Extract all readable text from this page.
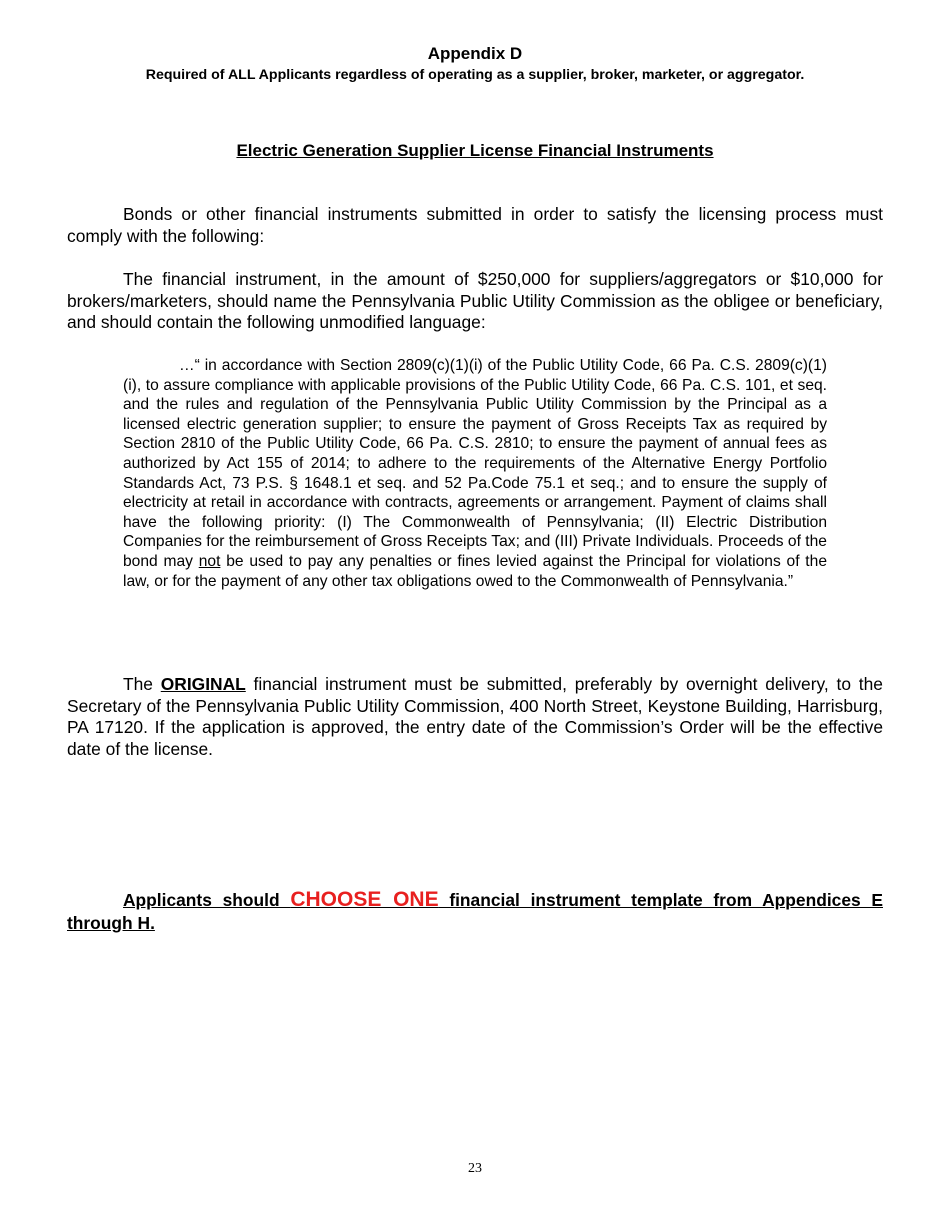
Appendix D
Required of ALL Applicants regardless of operating as a supplier, broker, marketer, or aggregator.
Electric Generation Supplier License Financial Instruments

Bonds or other financial instruments submitted in order to satisfy the licensing process must comply with the following:

The financial instrument, in the amount of $250,000 for suppliers/aggregators or $10,000 for brokers/marketers, should name the Pennsylvania Public Utility Commission as the obligee or beneficiary, and should contain the following unmodified language:

…“ in accordance with Section 2809(c)(1)(i) of the Public Utility Code, 66 Pa. C.S. 2809(c)(1)(i), to assure compliance with applicable provisions of the Public Utility Code, 66 Pa. C.S. 101, et seq. and the rules and regulation of the Pennsylvania Public Utility Commission by the Principal as a licensed electric generation supplier; to ensure the payment of Gross Receipts Tax as required by Section 2810 of the Public Utility Code, 66 Pa. C.S. 2810; to ensure the payment of annual fees as authorized by Act 155 of 2014; to adhere to the requirements of the Alternative Energy Portfolio Standards Act, 73 P.S. § 1648.1 et seq. and 52 Pa.Code 75.1 et seq.; and to ensure the supply of electricity at retail in accordance with contracts, agreements or arrangement. Payment of claims shall have the following priority: (I) The Commonwealth of Pennsylvania; (II) Electric Distribution Companies for the reimbursement of Gross Receipts Tax; and (III) Private Individuals. Proceeds of the bond may not be used to pay any penalties or fines levied against the Principal for violations of the law, or for the payment of any other tax obligations owed to the Commonwealth of Pennsylvania.”

The ORIGINAL financial instrument must be submitted, preferably by overnight delivery, to the Secretary of the Pennsylvania Public Utility Commission, 400 North Street, Keystone Building, Harrisburg, PA 17120. If the application is approved, the entry date of the Commission’s Order will be the effective date of the license.

Applicants should CHOOSE ONE financial instrument template from Appendices E through H.

23
